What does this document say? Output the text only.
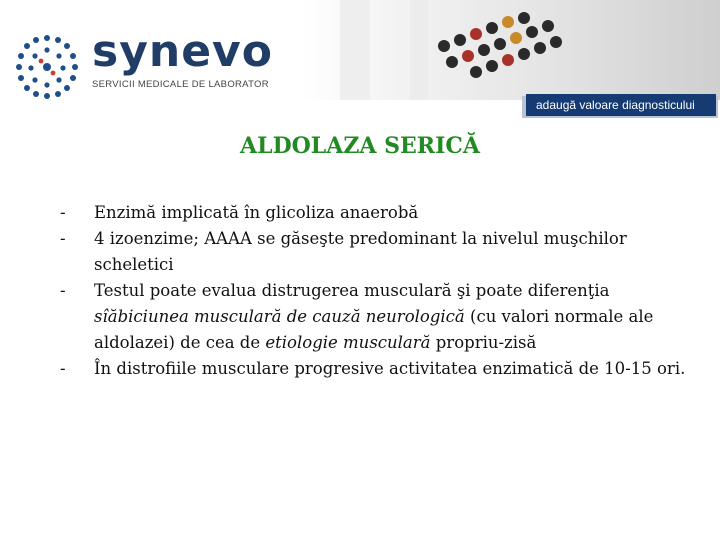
synevo
SERVICII MEDICALE DE LABORATOR
adaugă valoare diagnosticului
ALDOLAZA SERICĂ
- Enzimă implicată în glicoliza anaerobă
- 4 izoenzime; AAAA se găseşte predominant la nivelul muşchilor scheletici
- Testul poate evalua distrugerea musculară şi poate diferenţia sîăbiciunea musculară de cauză neurologică (cu valori normale ale aldolazei) de cea de etiologie musculară propriu-zisă
- În distrofiile musculare progresive activitatea enzimatică de 10-15 ori.
